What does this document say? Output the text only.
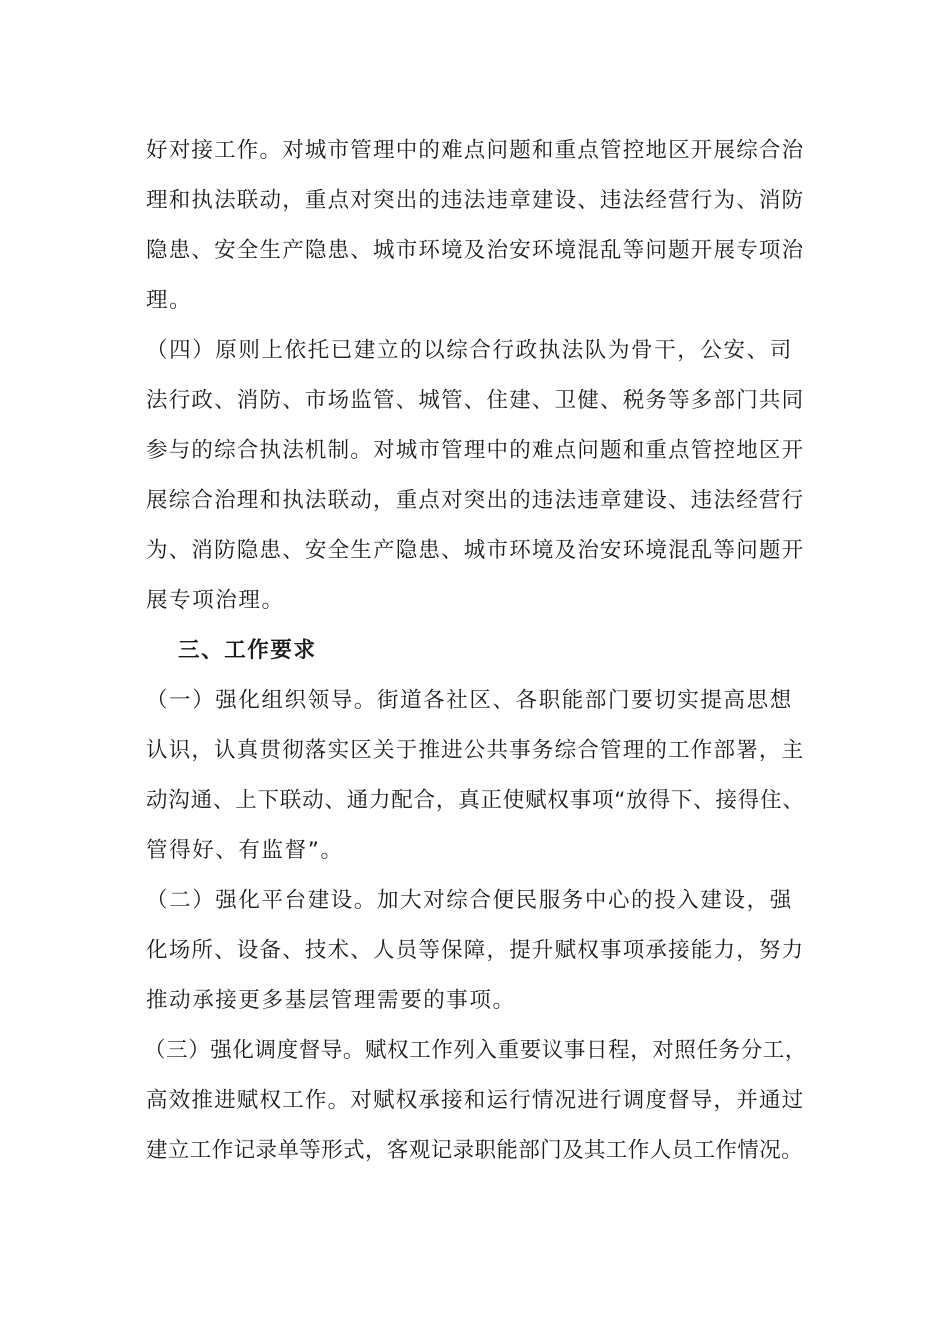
好对接工作。对城市管理中的难点问题和重点管控地区开展综合治
理和执法联动，重点对突出的违法违章建设、违法经营行为、消防
隐患、安全生产隐患、城市环境及治安环境混乱等问题开展专项治
理。
（四）原则上依托已建立的以综合行政执法队为骨干，公安、司
法行政、消防、市场监管、城管、住建、卫健、税务等多部门共同
参与的综合执法机制。对城市管理中的难点问题和重点管控地区开
展综合治理和执法联动，重点对突出的违法违章建设、违法经营行
为、消防隐患、安全生产隐患、城市环境及治安环境混乱等问题开
展专项治理。
三、工作要求
（一）强化组织领导。街道各社区、各职能部门要切实提高思想
认识，认真贯彻落实区关于推进公共事务综合管理的工作部署，主
动沟通、上下联动、通力配合，真正使赋权事项“放得下、接得住、
管得好、有监督”。
（二）强化平台建设。加大对综合便民服务中心的投入建设，强
化场所、设备、技术、人员等保障，提升赋权事项承接能力，努力
推动承接更多基层管理需要的事项。
（三）强化调度督导。赋权工作列入重要议事日程，对照任务分工，
高效推进赋权工作。对赋权承接和运行情况进行调度督导，并通过
建立工作记录单等形式，客观记录职能部门及其工作人员工作情况。
